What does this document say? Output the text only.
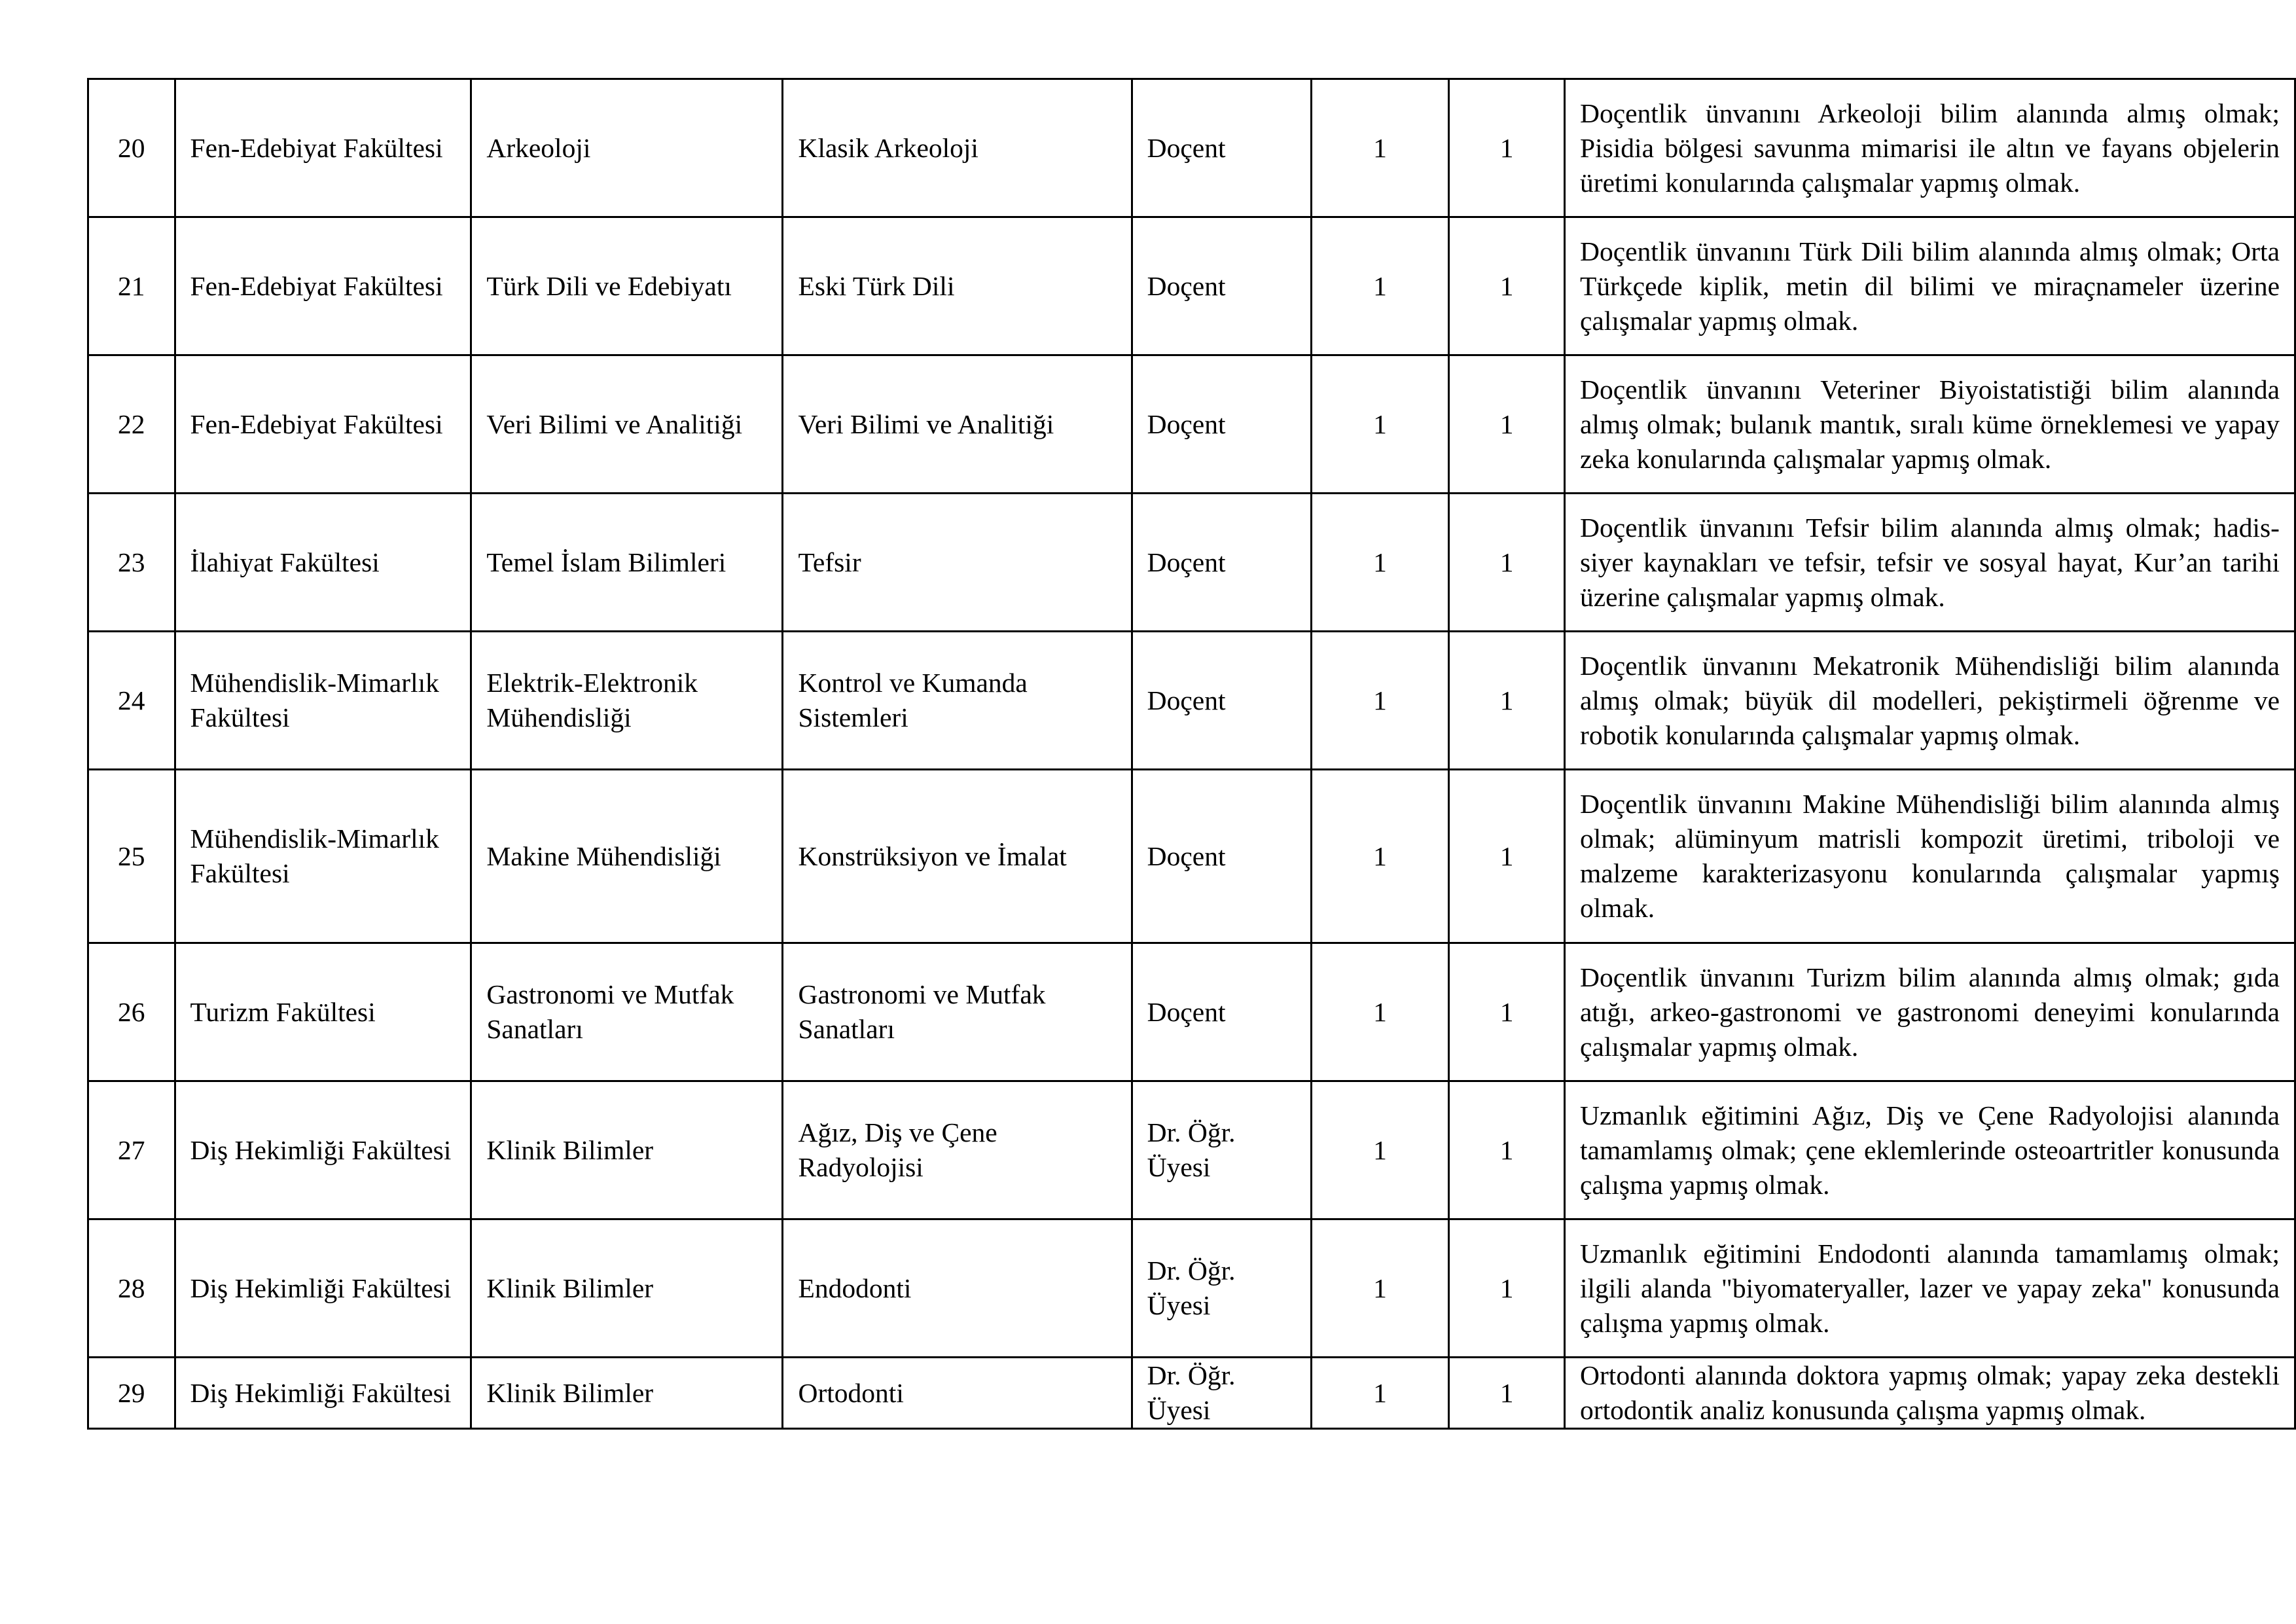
20	Fen-Edebiyat Fakültesi	Arkeoloji	Klasik Arkeoloji	Doçent	1	1	Doçentlik ünvanını Arkeoloji bilim alanında almış olmak; Pisidia bölgesi savunma mimarisi ile altın ve fayans objelerin üretimi konularında çalışmalar yapmış olmak.
21	Fen-Edebiyat Fakültesi	Türk Dili ve Edebiyatı	Eski Türk Dili	Doçent	1	1	Doçentlik ünvanını Türk Dili bilim alanında almış olmak; Orta Türkçede kiplik, metin dil bilimi ve miraçnameler üzerine çalışmalar yapmış olmak.
22	Fen-Edebiyat Fakültesi	Veri Bilimi ve Analitiği	Veri Bilimi ve Analitiği	Doçent	1	1	Doçentlik ünvanını Veteriner Biyoistatistiği bilim alanında almış olmak; bulanık mantık, sıralı küme örneklemesi ve yapay zeka konularında çalışmalar yapmış olmak.
23	İlahiyat Fakültesi	Temel İslam Bilimleri	Tefsir	Doçent	1	1	Doçentlik ünvanını Tefsir bilim alanında almış olmak; hadis-siyer kaynakları ve tefsir, tefsir ve sosyal hayat, Kur’an tarihi üzerine çalışmalar yapmış olmak.
24	Mühendislik-Mimarlık Fakültesi	Elektrik-Elektronik Mühendisliği	Kontrol ve Kumanda Sistemleri	Doçent	1	1	Doçentlik ünvanını Mekatronik Mühendisliği bilim alanında almış olmak; büyük dil modelleri, pekiştirmeli öğrenme ve robotik konularında çalışmalar yapmış olmak.
25	Mühendislik-Mimarlık Fakültesi	Makine Mühendisliği	Konstrüksiyon ve İmalat	Doçent	1	1	Doçentlik ünvanını Makine Mühendisliği bilim alanında almış olmak; alüminyum matrisli kompozit üretimi, triboloji ve malzeme karakterizasyonu konularında çalışmalar yapmış olmak.
26	Turizm Fakültesi	Gastronomi ve Mutfak Sanatları	Gastronomi ve Mutfak Sanatları	Doçent	1	1	Doçentlik ünvanını Turizm bilim alanında almış olmak; gıda atığı, arkeo-gastronomi ve gastronomi deneyimi konularında çalışmalar yapmış olmak.
27	Diş Hekimliği Fakültesi	Klinik Bilimler	Ağız, Diş ve Çene Radyolojisi	Dr. Öğr. Üyesi	1	1	Uzmanlık eğitimini Ağız, Diş ve Çene Radyolojisi alanında tamamlamış olmak; çene eklemlerinde osteoartritler konusunda çalışma yapmış olmak.
28	Diş Hekimliği Fakültesi	Klinik Bilimler	Endodonti	Dr. Öğr. Üyesi	1	1	Uzmanlık eğitimini Endodonti alanında tamamlamış olmak; ilgili alanda "biyomateryaller, lazer ve yapay zeka" konusunda çalışma yapmış olmak.
29	Diş Hekimliği Fakültesi	Klinik Bilimler	Ortodonti	Dr. Öğr. Üyesi	1	1	Ortodonti alanında doktora yapmış olmak; yapay zeka destekli ortodontik analiz konusunda çalışma yapmış olmak.
